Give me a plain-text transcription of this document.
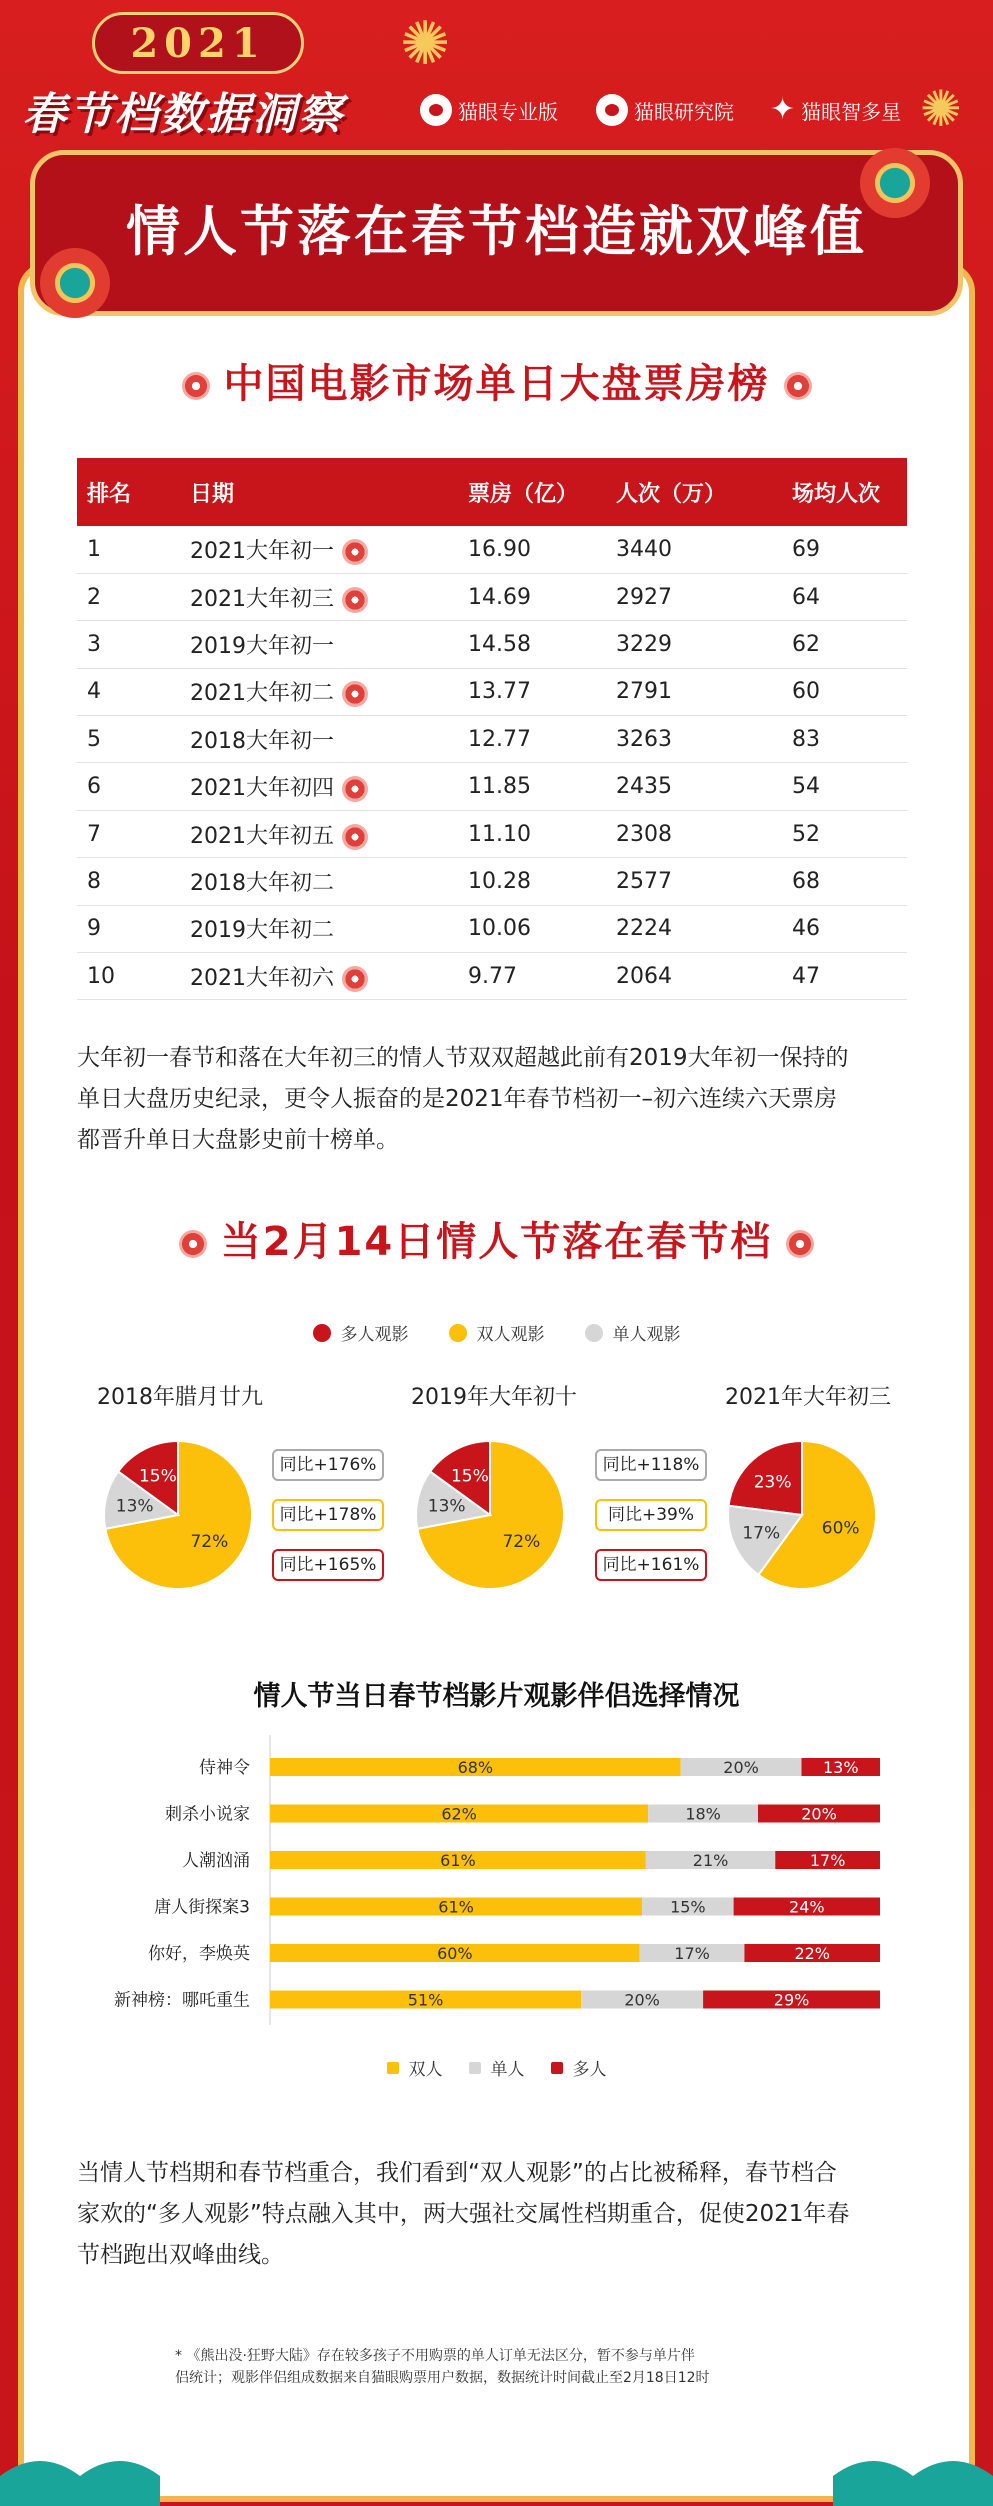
✺
✺
2021
春节档数据洞察	猫眼专业版	猫眼研究院 ✦ 猫眼智多星
情人节落在春节档造就双峰值
中国电影市场单日大盘票房榜
排名	日期	票房（亿）	人次（万）	场均人次
1	2021大年初一	16.90	3440	69
2	2021大年初三	14.69	2927	64
3	2019大年初一	14.58	3229	62
4	2021大年初二	13.77	2791	60
5	2018大年初一	12.77	3263	83
6	2021大年初四	11.85	2435	54
7	2021大年初五	11.10	2308	52
8	2018大年初二	10.28	2577	68
9	2019大年初二	10.06	2224	46
10	2021大年初六	9.77	2064	47
大年初一春节和落在大年初三的情人节双双超越此前有2019大年初一保持的
单日大盘历史纪录，更令人振奋的是2021年春节档初一–初六连续六天票房
都晋升单日大盘影史前十榜单。
当2月14日情人节落在春节档
多人观影	双人观影	单人观影
2018年腊月廿九	2019年大年初十	2021年大年初三
15%
72%
13%
15%
72%
13%
23%
60%
17%
同比+176%
同比+178%
同比+165%
同比+118%
同比+39%
同比+161%
情人节当日春节档影片观影伴侣选择情况
侍神令	68%	20%	13%
刺杀小说家	62%	18%	20%
人潮汹涌	61%	21%	17%
唐人街探案3	61%	15%	24%
你好，李焕英	60%	17%	22%
新神榜：哪吒重生	51%	20%	29%
双人	单人	多人
当情人节档期和春节档重合，我们看到“双人观影”的占比被稀释，春节档合
家欢的“多人观影”特点融入其中，两大强社交属性档期重合，促使2021年春
节档跑出双峰曲线。
* 《熊出没·狂野大陆》存在较多孩子不用购票的单人订单无法区分，暂不参与单片伴
侣统计；观影伴侣组成数据来自猫眼购票用户数据，数据统计时间截止至2月18日12时
